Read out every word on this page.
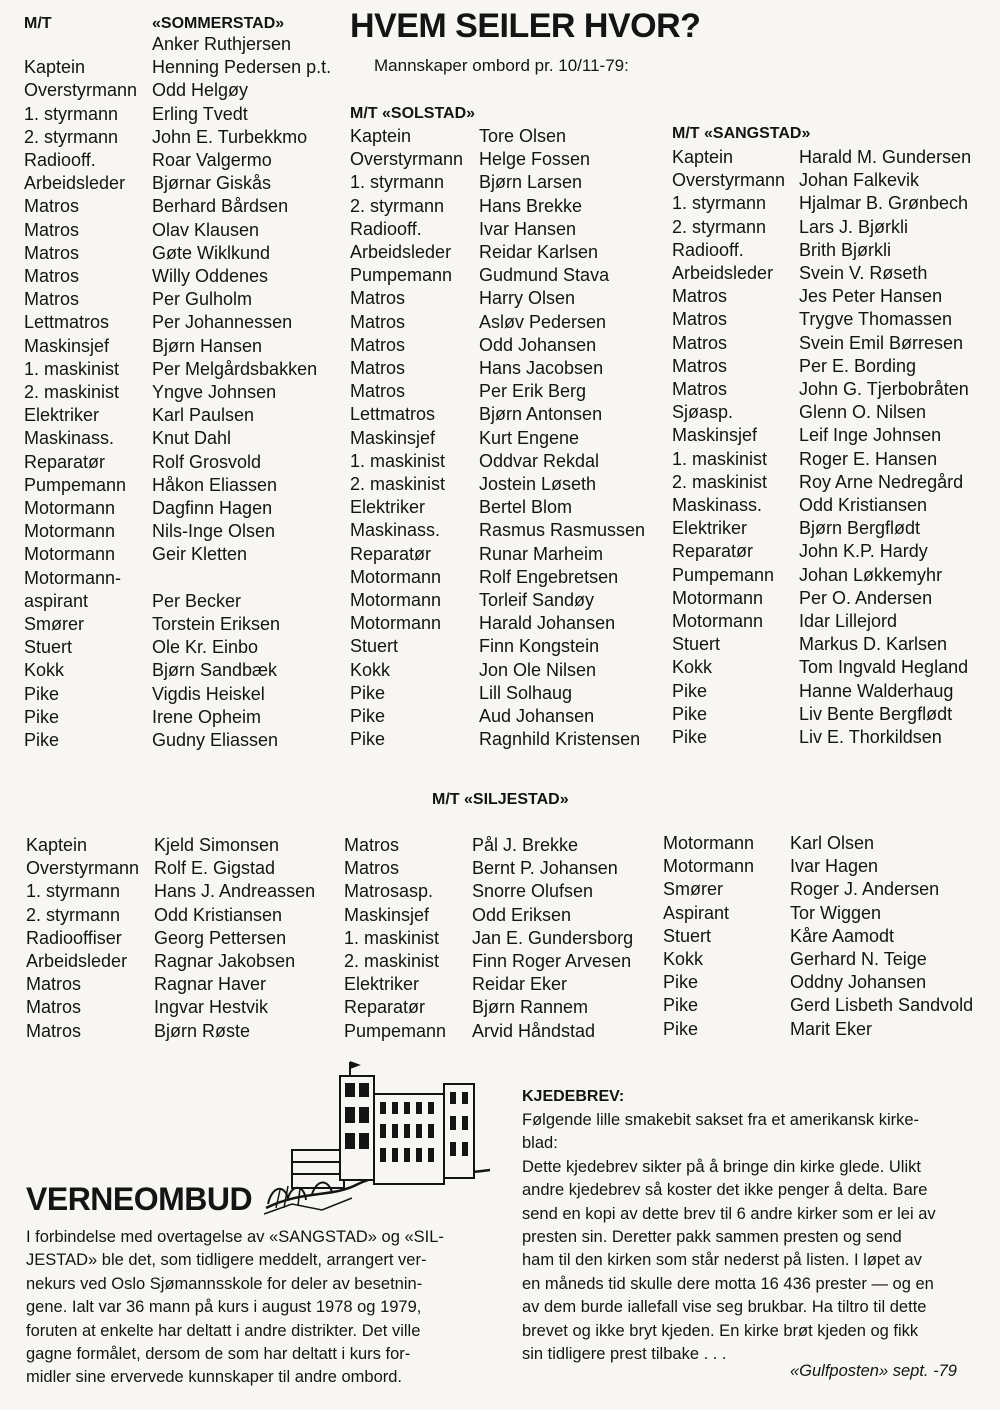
HVEM SEILER HVOR?
Mannskaper ombord pr. 10/11-79:
M/T	«SOMMERSTAD»
Anker Ruthjersen
Kaptein	Henning Pedersen p.t.
Overstyrmann Odd Helgøy
1. styrmann Erling Tvedt
2. styrmann John E. Turbekkmo
Radiooff.	Roar Valgermo
Arbeidsleder Bjørnar Giskås
Matros	Berhard Bårdsen
Matros	Olav Klausen
Matros	Gøte Wiklkund
Matros	Willy Oddenes
Matros	Per Gulholm
Lettmatros Per Johannessen
Maskinsjef Bjørn Hansen
1. maskinist Per Melgårdsbakken
2. maskinist Yngve Johnsen
Elektriker	Karl Paulsen
Maskinass. Knut Dahl
Reparatør	Rolf Grosvold
Pumpemann Håkon Eliassen
Motormann Dagfinn Hagen
Motormann Nils-Inge Olsen
Motormann Geir Kletten
Motormann-
aspirant	Per Becker
Smører	Torstein Eriksen
Stuert	Ole Kr. Einbo
Kokk	Bjørn Sandbæk
Pike	Vigdis Heiskel
Pike	Irene Opheim
Pike	Gudny Eliassen
M/T «SOLSTAD»
Kaptein	Tore Olsen
Overstyrmann Helge Fossen
1. styrmann Bjørn Larsen
2. styrmann Hans Brekke
Radiooff.	Ivar Hansen
Arbeidsleder Reidar Karlsen
Pumpemann Gudmund Stava
Matros	Harry Olsen
Matros	Asløv Pedersen
Matros	Odd Johansen
Matros	Hans Jacobsen
Matros	Per Erik Berg
Lettmatros Bjørn Antonsen
Maskinsjef Kurt Engene
1. maskinist Oddvar Rekdal
2. maskinist Jostein Løseth
Elektriker	Bertel Blom
Maskinass. Rasmus Rasmussen
Reparatør	Runar Marheim
Motormann Rolf Engebretsen
Motormann Torleif Sandøy
Motormann Harald Johansen
Stuert	Finn Kongstein
Kokk	Jon Ole Nilsen
Pike	Lill Solhaug
Pike	Aud Johansen
Pike	Ragnhild Kristensen
M/T «SANGSTAD»
Kaptein	Harald M. Gundersen
Overstyrmann Johan Falkevik
1. styrmann Hjalmar B. Grønbech
2. styrmann Lars J. Bjørkli
Radiooff.	Brith Bjørkli
Arbeidsleder Svein V. Røseth
Matros	Jes Peter Hansen
Matros	Trygve Thomassen
Matros	Svein Emil Børresen
Matros	Per E. Bording
Matros	John G. Tjerbobråten
Sjøasp.	Glenn O. Nilsen
Maskinsjef Leif Inge Johnsen
1. maskinist Roger E. Hansen
2. maskinist Roy Arne Nedregård
Maskinass. Odd Kristiansen
Elektriker	Bjørn Bergflødt
Reparatør	John K.P. Hardy
Pumpemann Johan Løkkemyhr
Motormann Per O. Andersen
Motormann Idar Lillejord
Stuert	Markus D. Karlsen
Kokk	Tom Ingvald Hegland
Pike	Hanne Walderhaug
Pike	Liv Bente Bergflødt
Pike	Liv E. Thorkildsen
M/T «SILJESTAD»
Kaptein	Kjeld Simonsen
Overstyrmann Rolf E. Gigstad
1. styrmann Hans J. Andreassen
2. styrmann Odd Kristiansen
Radiooffiser Georg Pettersen
Arbeidsleder Ragnar Jakobsen
Matros	Ragnar Haver
Matros	Ingvar Hestvik
Matros	Bjørn Røste
Matros	Pål J. Brekke
Matros	Bernt P. Johansen
Matrosasp. Snorre Olufsen
Maskinsjef Odd Eriksen
1. maskinist Jan E. Gundersborg
2. maskinist Finn Roger Arvesen
Elektriker	Reidar Eker
Reparatør	Bjørn Rannem
Pumpemann Arvid Håndstad
Motormann Karl Olsen
Motormann Ivar Hagen
Smører	Roger J. Andersen
Aspirant	Tor Wiggen
Stuert	Kåre Aamodt
Kokk	Gerhard N. Teige
Pike	Oddny Johansen
Pike	Gerd Lisbeth Sandvold
Pike	Marit Eker
VERNEOMBUD
I forbindelse med overtagelse av «SANGSTAD» og «SIL-
JESTAD» ble det, som tidligere meddelt, arrangert ver-
nekurs ved Oslo Sjømannsskole for deler av besetnin-
gene. Ialt var 36 mann på kurs i august 1978 og 1979,
foruten at enkelte har deltatt i andre distrikter. Det ville
gagne formålet, dersom de som har deltatt i kurs for-
midler sine ervervede kunnskaper til andre ombord.
KJEDEBREV:
Følgende lille smakebit sakset fra et amerikansk kirke-
blad:
Dette kjedebrev sikter på å bringe din kirke glede. Ulikt
andre kjedebrev så koster det ikke penger å delta. Bare
send en kopi av dette brev til 6 andre kirker som er lei av
presten sin. Deretter pakk sammen presten og send
ham til den kirken som står nederst på listen. I løpet av
en måneds tid skulle dere motta 16 436 prester — og en
av dem burde iallefall vise seg brukbar. Ha tiltro til dette
brevet og ikke bryt kjeden. En kirke brøt kjeden og fikk
sin tidligere prest tilbake . . .
«Gulfposten» sept. -79
